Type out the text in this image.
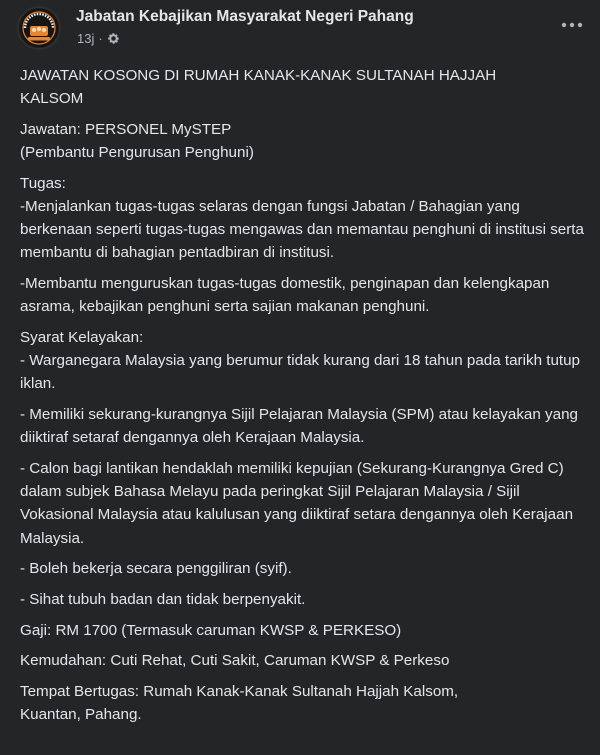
Jabatan Kebajikan Masyarakat Negeri Pahang
13j ·

JAWATAN KOSONG DI RUMAH KANAK-KANAK SULTANAH HAJJAH
KALSOM

Jawatan: PERSONEL MySTEP
(Pembantu Pengurusan Penghuni)

Tugas:
-Menjalankan tugas-tugas selaras dengan fungsi Jabatan / Bahagian yang berkenaan seperti tugas-tugas mengawas dan memantau penghuni di institusi serta membantu di bahagian pentadbiran di institusi.

-Membantu menguruskan tugas-tugas domestik, penginapan dan kelengkapan asrama, kebajikan penghuni serta sajian makanan penghuni.

Syarat Kelayakan:
- Warganegara Malaysia yang berumur tidak kurang dari 18 tahun pada tarikh tutup iklan.

- Memiliki sekurang-kurangnya Sijil Pelajaran Malaysia (SPM) atau kelayakan yang diiktiraf setaraf dengannya oleh Kerajaan Malaysia.

- Calon bagi lantikan hendaklah memiliki kepujian (Sekurang-Kurangnya Gred C) dalam subjek Bahasa Melayu pada peringkat Sijil Pelajaran Malaysia / Sijil Vokasional Malaysia atau kalulusan yang diiktiraf setara dengannya oleh Kerajaan Malaysia.

- Boleh bekerja secara penggiliran (syif).

- Sihat tubuh badan dan tidak berpenyakit.

Gaji: RM 1700 (Termasuk caruman KWSP & PERKESO)

Kemudahan: Cuti Rehat, Cuti Sakit, Caruman KWSP & Perkeso

Tempat Bertugas: Rumah Kanak-Kanak Sultanah Hajjah Kalsom,
Kuantan, Pahang.
